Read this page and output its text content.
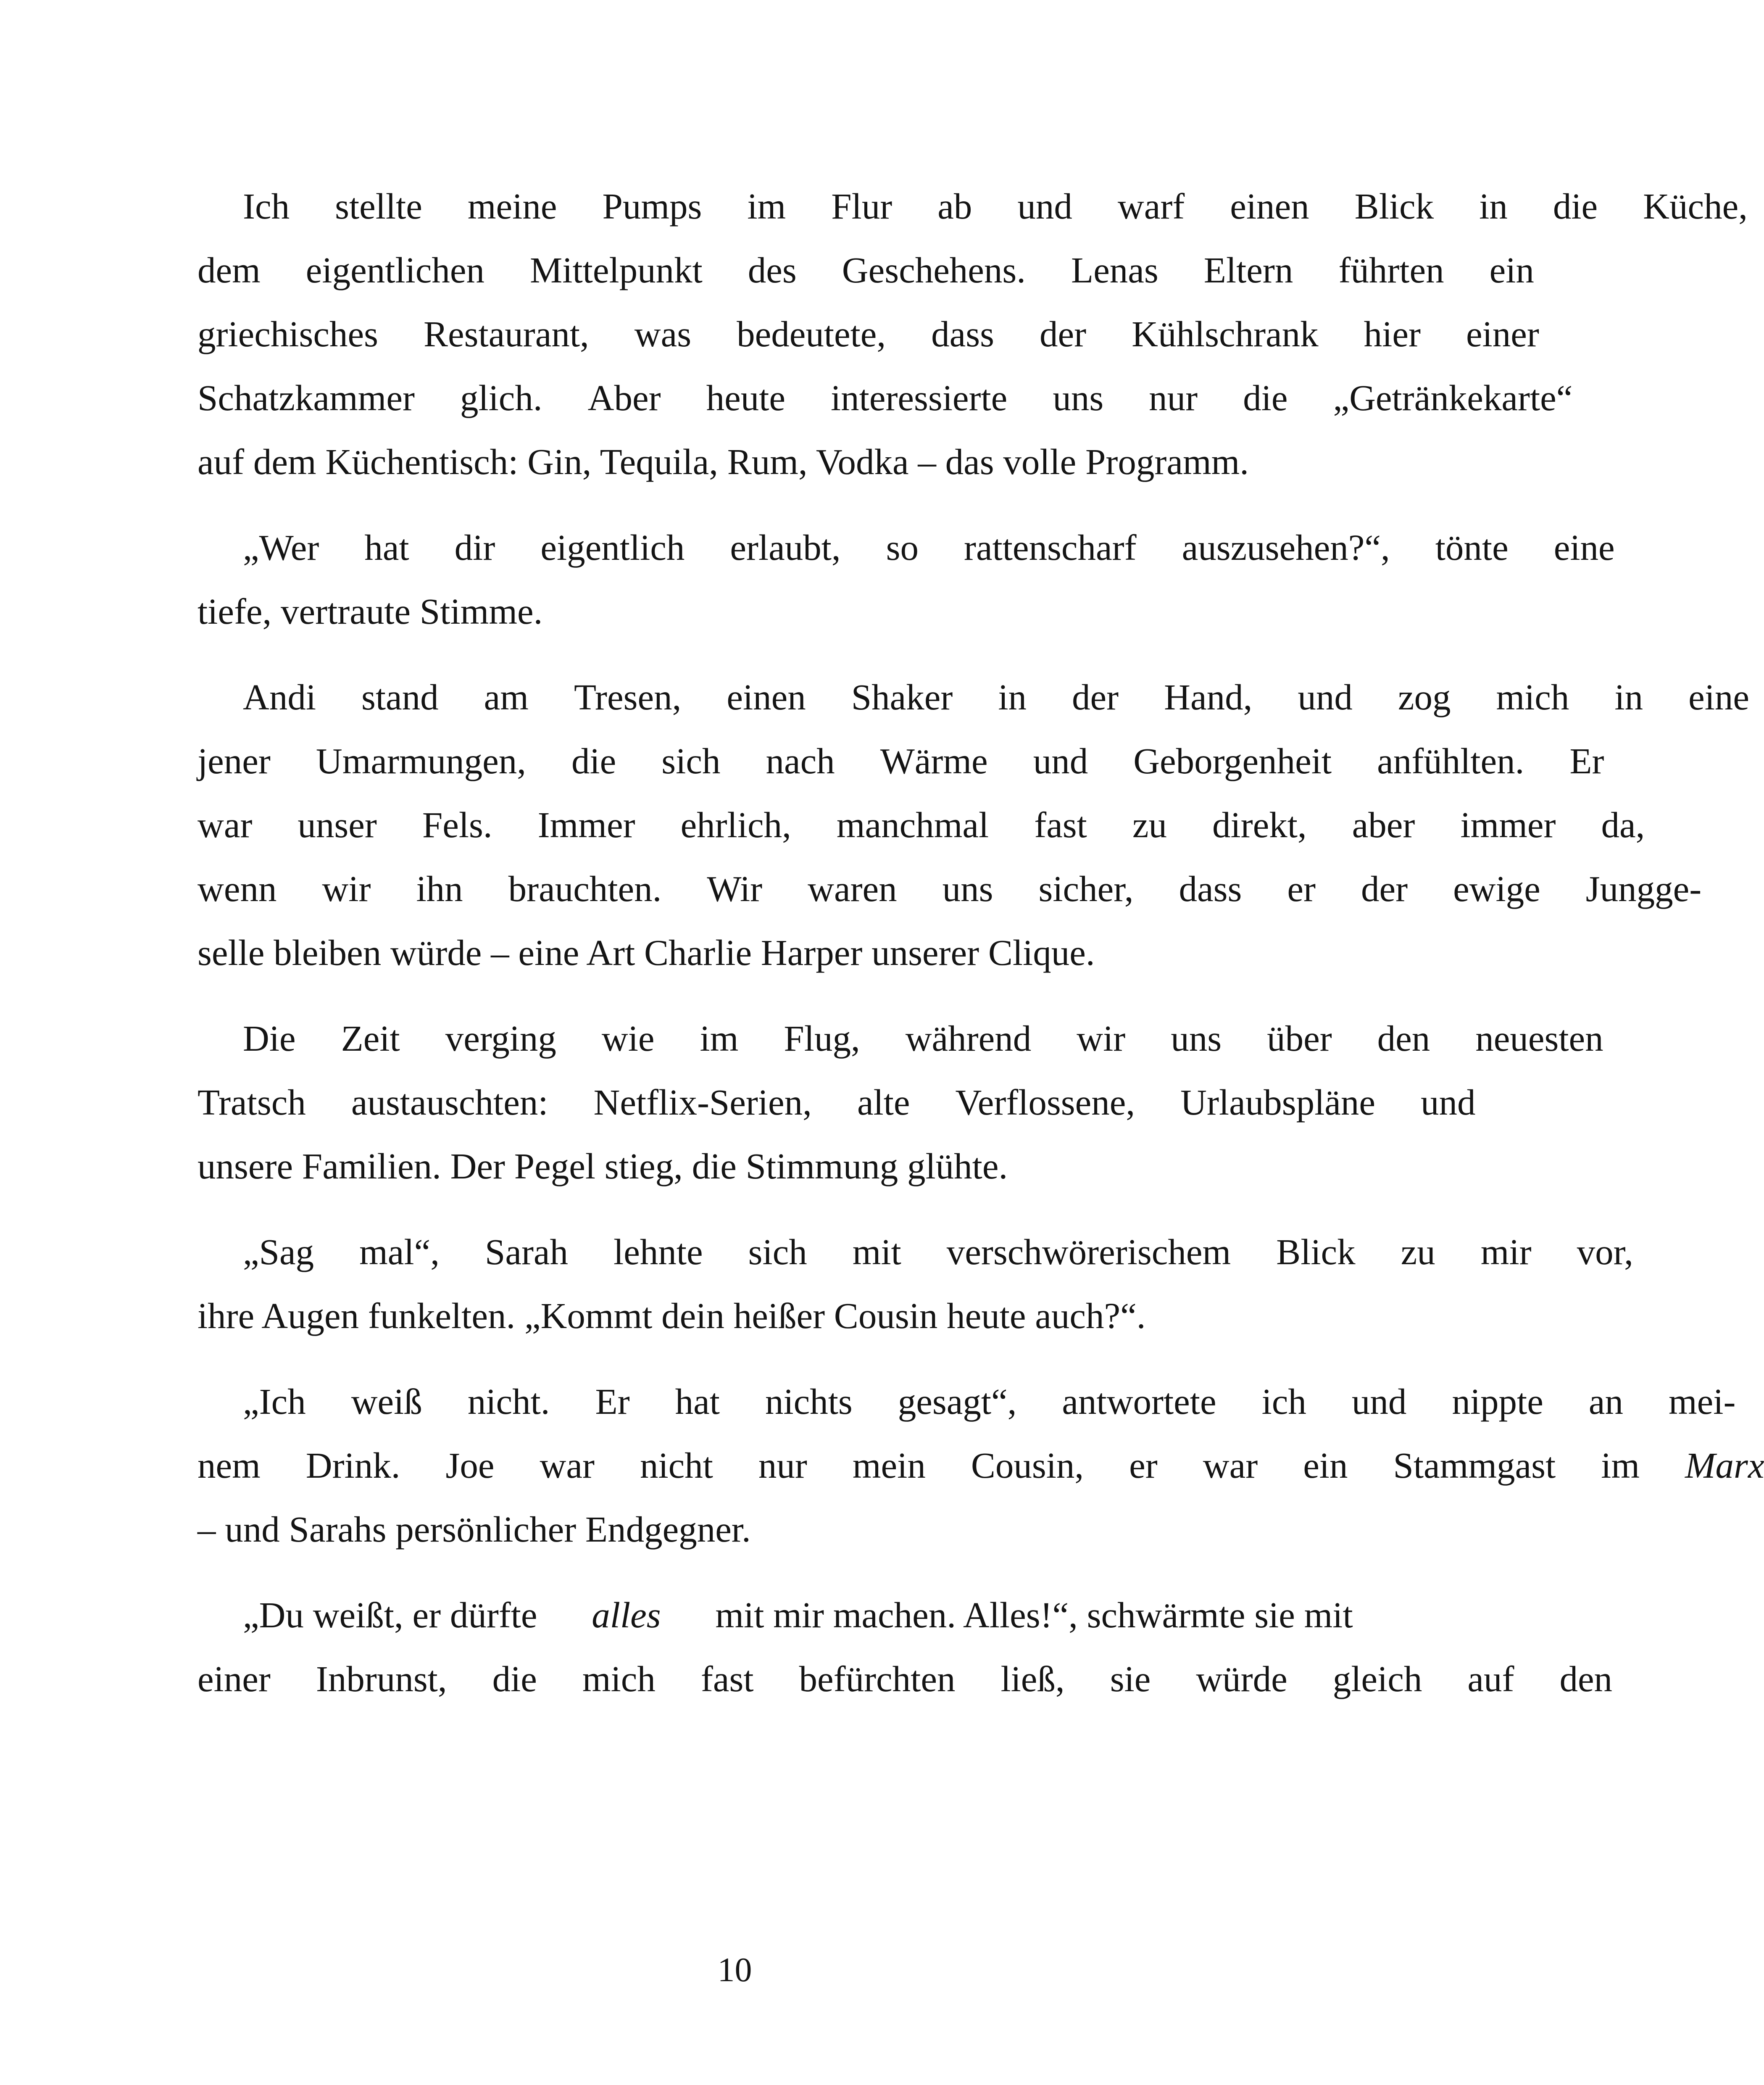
Ich	stellte	meine	Pumps	im	Flur	ab	und	warf	einen	Blick	in	die	Küche,
dem	eigentlichen	Mittelpunkt	des	Geschehens.	Lenas	Eltern	führten	ein
griechisches	Restaurant,	was	bedeutete,	dass	der	Kühlschrank	hier	einer
Schatzkammer	glich.	Aber	heute	interessierte	uns	nur	die	„Getränkekarte“
auf dem Küchentisch: Gin, Tequila, Rum, Vodka – das volle Programm.
„Wer	hat	dir	eigentlich	erlaubt,	so	rattenscharf	auszusehen?“,	tönte	eine
tiefe, vertraute Stimme.
Andi	stand	am	Tresen,	einen	Shaker	in	der	Hand,	und	zog	mich	in	eine
jener	Umarmungen,	die	sich	nach	Wärme	und	Geborgenheit	anfühlten.	Er
war	unser	Fels.	Immer	ehrlich,	manchmal	fast	zu	direkt,	aber	immer	da,
wenn	wir	ihn	brauchten.	Wir	waren	uns	sicher,	dass	er	der	ewige	Jungge-
selle bleiben würde – eine Art Charlie Harper unserer Clique.
Die	Zeit	verging	wie	im	Flug,	während	wir	uns	über	den	neuesten
Tratsch	austauschten:	Netflix-Serien,	alte	Verflossene,	Urlaubspläne	und
unsere Familien. Der Pegel stieg, die Stimmung glühte.
„Sag	mal“,	Sarah	lehnte	sich	mit	verschwörerischem	Blick	zu	mir	vor,
ihre Augen funkelten. „Kommt dein heißer Cousin heute auch?“.
„Ich	weiß	nicht.	Er	hat	nichts	gesagt“,	antwortete	ich	und	nippte	an	mei-
nem	Drink.	Joe	war	nicht	nur	mein	Cousin,	er	war	ein	Stammgast	im	Marx
– und Sarahs persönlicher Endgegner.
„Du weißt, er dürfte	alles	mit mir machen. Alles!“, schwärmte sie mit
einer	Inbrunst,	die	mich	fast	befürchten	ließ,	sie	würde	gleich	auf	den
10
